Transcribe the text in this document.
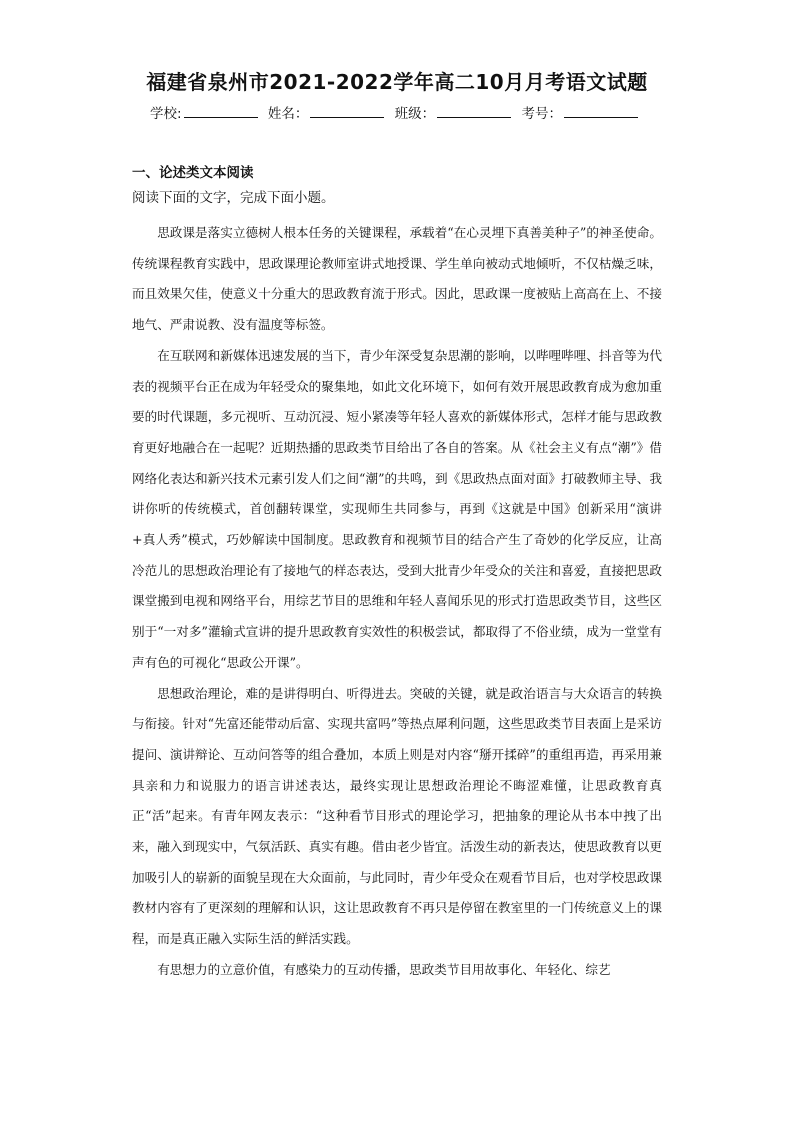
福建省泉州市2021-2022学年高二10月月考语文试题
学校:	姓名：	班级：	考号：
一、论述类文本阅读
阅读下面的文字，完成下面小题。

思政课是落实立德树人根本任务的关键课程，承载着“在心灵埋下真善美种子”的神圣使命。传统课程教育实践中，思政课理论教师室讲式地授课、学生单向被动式地倾听，不仅枯燥乏味，而且效果欠佳，使意义十分重大的思政教育流于形式。因此，思政课一度被贴上高高在上、不接地气、严肃说教、没有温度等标签。

在互联网和新媒体迅速发展的当下，青少年深受复杂思潮的影响，以哔哩哔哩、抖音等为代表的视频平台正在成为年轻受众的聚集地，如此文化环境下，如何有效开展思政教育成为愈加重要的时代课题，多元视听、互动沉浸、短小紧凑等年轻人喜欢的新媒体形式，怎样才能与思政教育更好地融合在一起呢？近期热播的思政类节目给出了各自的答案。从《社会主义有点“潮”》借网络化表达和新兴技术元素引发人们之间“潮”的共鸣，到《思政热点面对面》打破教师主导、我讲你听的传统模式，首创翻转课堂，实现师生共同参与，再到《这就是中国》创新采用“演讲+真人秀”模式，巧妙解读中国制度。思政教育和视频节目的结合产生了奇妙的化学反应，让高冷范儿的思想政治理论有了接地气的样态表达，受到大批青少年受众的关注和喜爱，直接把思政课堂搬到电视和网络平台，用综艺节目的思维和年轻人喜闻乐见的形式打造思政类节目，这些区别于“一对多”灌输式宣讲的提升思政教育实效性的积极尝试，都取得了不俗业绩，成为一堂堂有声有色的可视化“思政公开课”。

思想政治理论，难的是讲得明白、听得进去。突破的关键，就是政治语言与大众语言的转换与衔接。针对“先富还能带动后富、实现共富吗”等热点犀利问题，这些思政类节目表面上是采访提问、演讲辩论、互动问答等的组合叠加，本质上则是对内容“掰开揉碎”的重组再造，再采用兼具亲和力和说服力的语言讲述表达，最终实现让思想政治理论不晦涩难懂，让思政教育真正“活”起来。有青年网友表示：“这种看节目形式的理论学习，把抽象的理论从书本中拽了出来，融入到现实中，气氛活跃、真实有趣。借由老少皆宜。活泼生动的新表达，使思政教育以更加吸引人的崭新的面貌呈现在大众面前，与此同时，青少年受众在观看节目后，也对学校思政课教材内容有了更深刻的理解和认识，这让思政教育不再只是停留在教室里的一门传统意义上的课程，而是真正融入实际生活的鲜活实践。

有思想力的立意价值，有感染力的互动传播，思政类节目用故事化、年轻化、综艺
